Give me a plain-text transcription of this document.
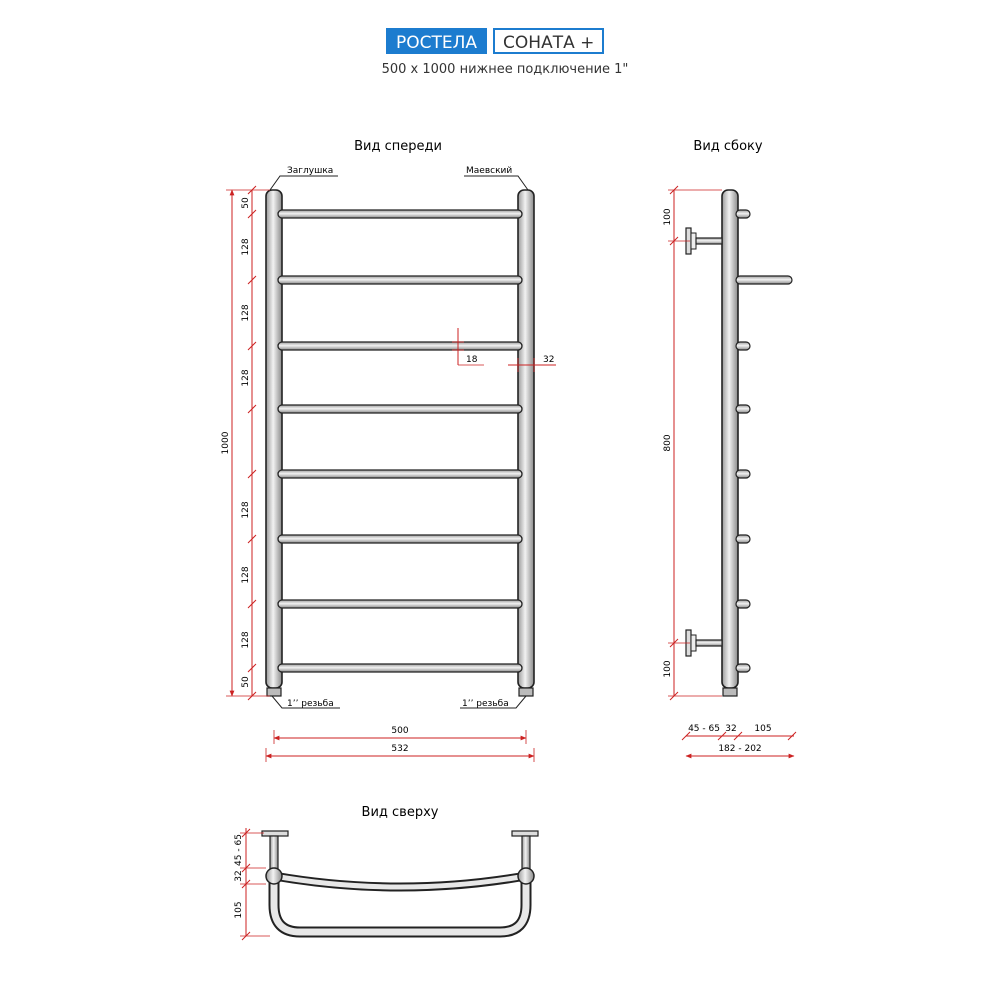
РОСТЕЛА	СОНАТА +
500 x 1000 нижнее подключение 1"
Вид спереди
Заглушка	Маевский
1’’ резьба	1’’ резьба
1000
50
128
128
128
128
128
128
50
18	32
500
532
Вид сбоку
100
800
100
45 - 65 32 105
182 - 202
Вид сверху
45 - 65
32
105
